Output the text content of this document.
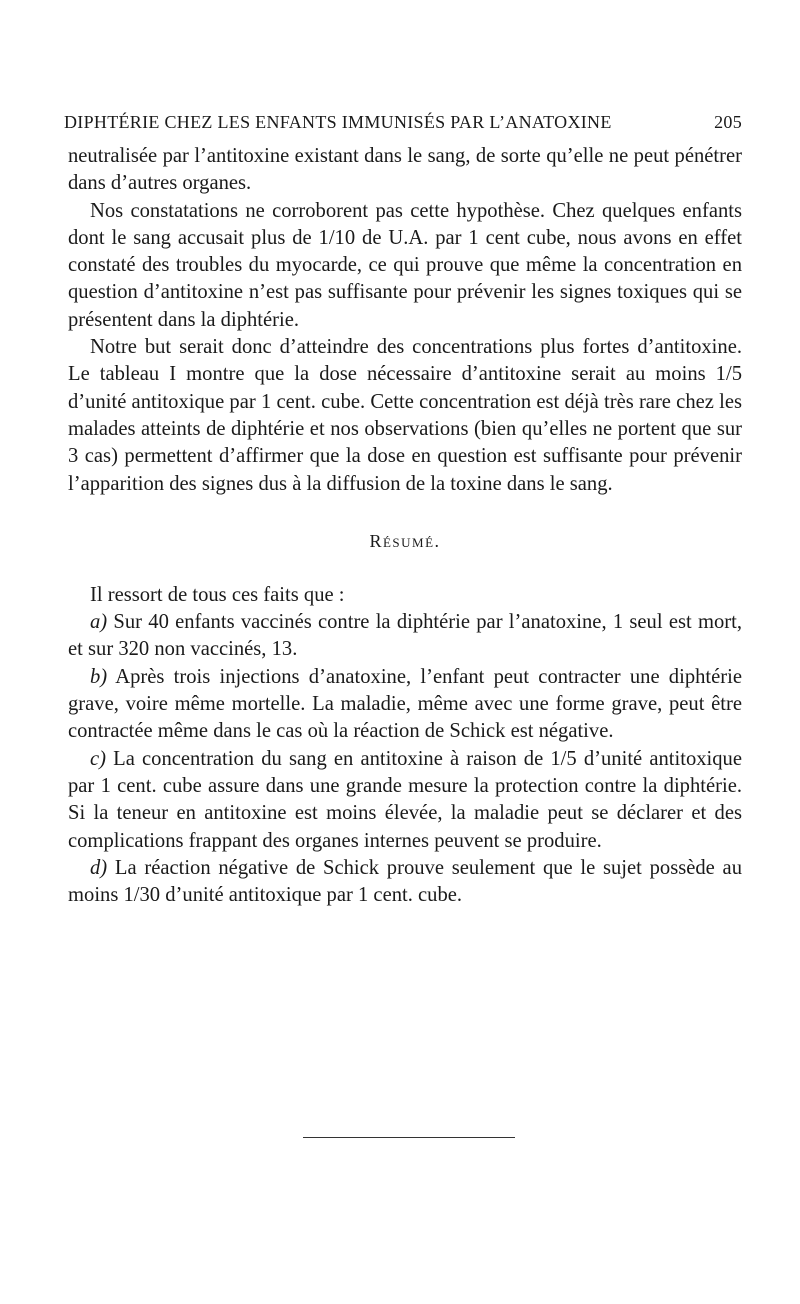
DIPHTÉRIE CHEZ LES ENFANTS IMMUNISÉS PAR L’ANATOXINE	205

neutralisée par l’antitoxine existant dans le sang, de sorte qu’elle ne peut pénétrer dans d’autres organes.

Nos constatations ne corroborent pas cette hypothèse. Chez quelques enfants dont le sang accusait plus de 1/10 de U.A. par 1 cent cube, nous avons en effet constaté des troubles du myocarde, ce qui prouve que même la concentration en question d’antitoxine n’est pas suffisante pour prévenir les signes toxiques qui se présentent dans la diphtérie.

Notre but serait donc d’atteindre des concentrations plus fortes d’antitoxine. Le tableau I montre que la dose nécessaire d’antitoxine serait au moins 1/5 d’unité antitoxique par 1 cent. cube. Cette concentration est déjà très rare chez les malades atteints de diphtérie et nos observations (bien qu’elles ne portent que sur 3 cas) permettent d’affirmer que la dose en question est suffisante pour prévenir l’apparition des signes dus à la diffusion de la toxine dans le sang.

Résumé.

Il ressort de tous ces faits que :

a) Sur 40 enfants vaccinés contre la diphtérie par l’anatoxine, 1 seul est mort, et sur 320 non vaccinés, 13.

b) Après trois injections d’anatoxine, l’enfant peut contracter une diphtérie grave, voire même mortelle. La maladie, même avec une forme grave, peut être contractée même dans le cas où la réaction de Schick est négative.

c) La concentration du sang en antitoxine à raison de 1/5 d’unité antitoxique par 1 cent. cube assure dans une grande mesure la protection contre la diphtérie. Si la teneur en antitoxine est moins élevée, la maladie peut se déclarer et des complications frappant des organes internes peuvent se produire.

d) La réaction négative de Schick prouve seulement que le sujet possède au moins 1/30 d’unité antitoxique par 1 cent. cube.
